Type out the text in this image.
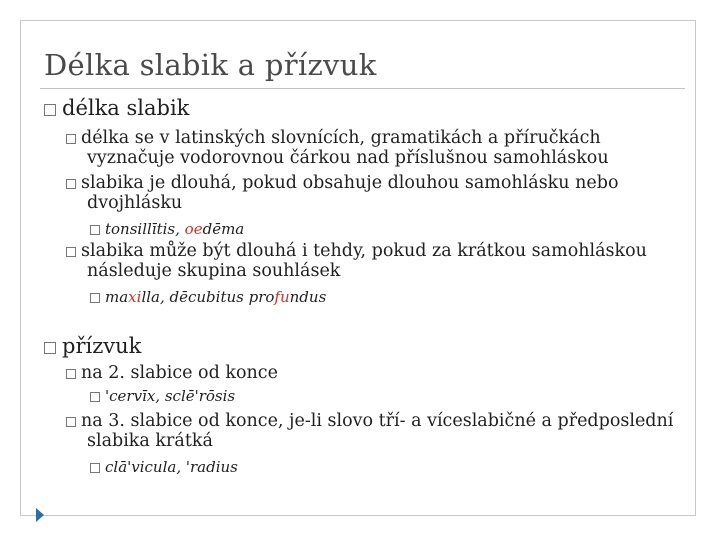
Délka slabik a přízvuk
délka slabik
délka se v latinských slovnících, gramatikách a příručkách
vyznačuje vodorovnou čárkou nad příslušnou samohláskou
slabika je dlouhá, pokud obsahuje dlouhou samohlásku nebo
dvojhlásku
tonsillītis, oedēma
slabika může být dlouhá i tehdy, pokud za krátkou samohláskou
následuje skupina souhlásek
maxilla, dēcubitus profundus
přízvuk
na 2. slabice od konce
'cervīx, sclē'rōsis
na 3. slabice od konce, je-li slovo tří- a víceslabičné a předposlední
slabika krátká
clā'vicula, 'radius
